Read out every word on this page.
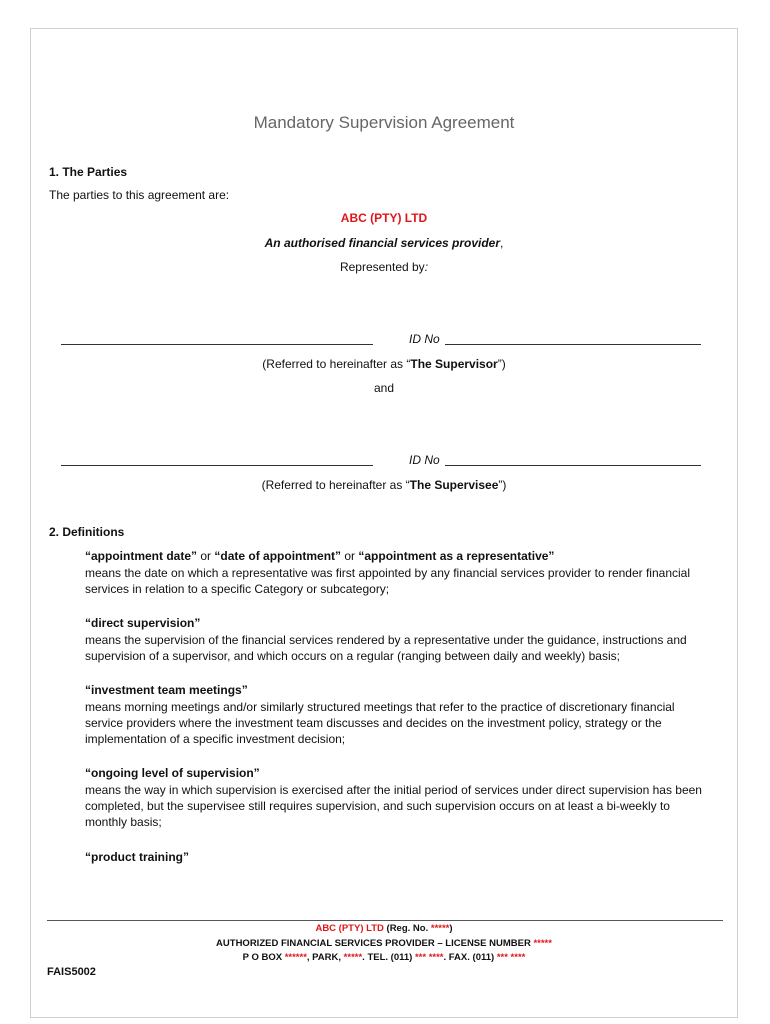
Mandatory Supervision Agreement
1. The Parties
The parties to this agreement are:
ABC (PTY) LTD
An authorised financial services provider,
Represented by:
ID No
(Referred to hereinafter as “The Supervisor”)
and
ID No
(Referred to hereinafter as “The Supervisee”)
2. Definitions
“appointment date” or “date of appointment” or “appointment as a representative”
means the date on which a representative was first appointed by any financial services provider to render financial services in relation to a specific Category or subcategory;
“direct supervision”
means the supervision of the financial services rendered by a representative under the guidance, instructions and supervision of a supervisor, and which occurs on a regular (ranging between daily and weekly) basis;
“investment team meetings”
means morning meetings and/or similarly structured meetings that refer to the practice of discretionary financial service providers where the investment team discusses and decides on the investment policy, strategy or the implementation of a specific investment decision;
“ongoing level of supervision”
means the way in which supervision is exercised after the initial period of services under direct supervision has been completed, but the supervisee still requires supervision, and such supervision occurs on at least a bi-weekly to monthly basis;
“product training”
ABC (PTY) LTD (Reg. No. *****)
AUTHORIZED FINANCIAL SERVICES PROVIDER – LICENSE NUMBER *****
P O BOX ******, PARK, *****. TEL. (011) *** ****. FAX. (011) *** ****
FAIS5002
